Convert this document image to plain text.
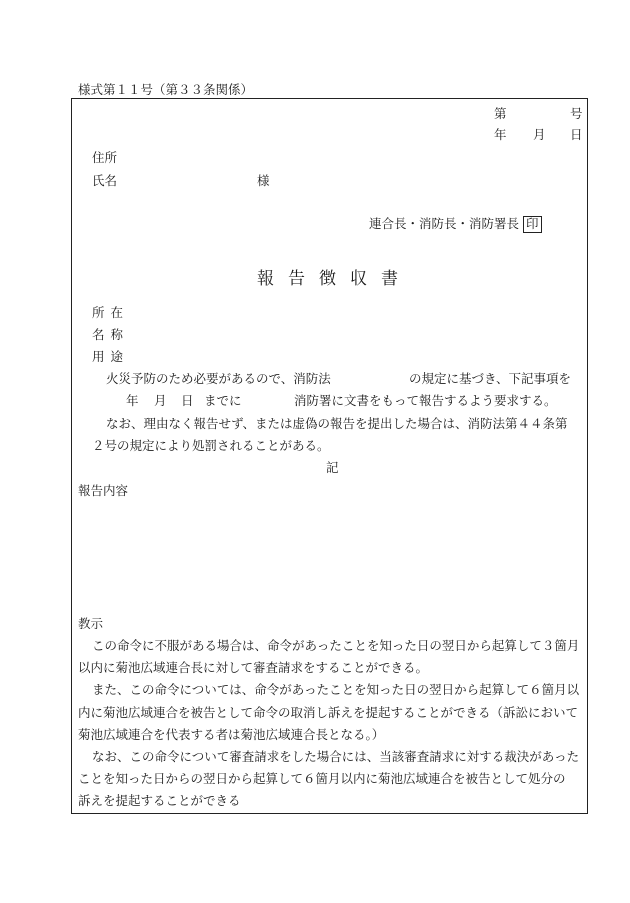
様式第１１号（第３３条関係）
第	号
年 月 日
住所
氏名	様
連合長・消防長・消防署長 印
報告徴収書
所在
名称
用途
火災予防のため必要があるので、消防法	の規定に基づき、下記事項を
年 月 日 までに	消防署に文書をもって報告するよう要求する。
なお、理由なく報告せず、または虚偽の報告を提出した場合は、消防法第４４条第
２号の規定により処罰されることがある。
記
報告内容
教示
この命令に不服がある場合は、命令があったことを知った日の翌日から起算して３箇月
以内に菊池広域連合長に対して審査請求をすることができる。
また、この命令については、命令があったことを知った日の翌日から起算して６箇月以
内に菊池広域連合を被告として命令の取消し訴えを提起することができる（訴訟において
菊池広域連合を代表する者は菊池広域連合長となる。）
なお、この命令について審査請求をした場合には、当該審査請求に対する裁決があった
ことを知った日からの翌日から起算して６箇月以内に菊池広域連合を被告として処分の
訴えを提起することができる
